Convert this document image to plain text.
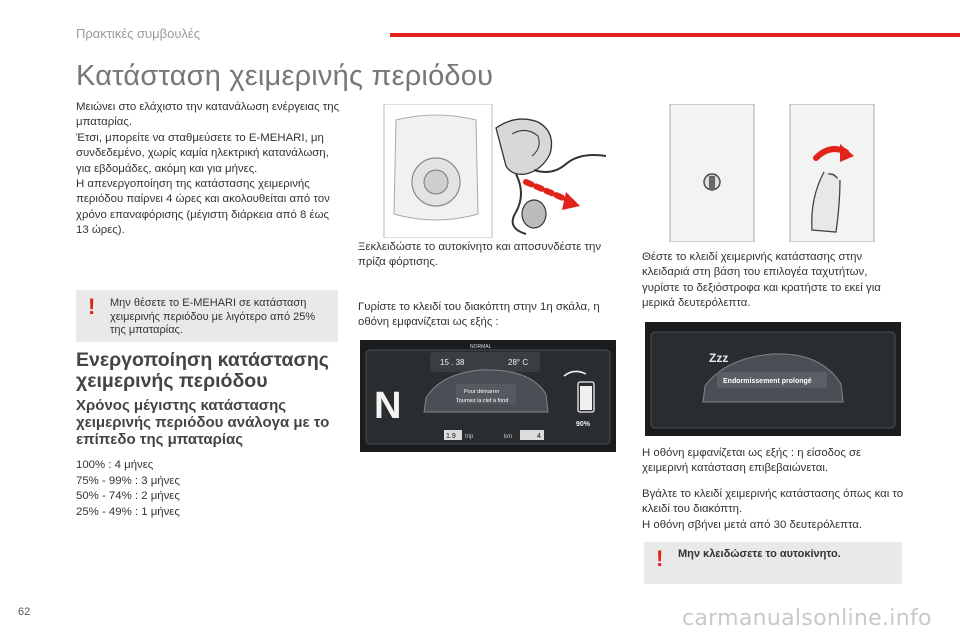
Πρακτικές συμβουλές
Κατάσταση χειμερινής περιόδου

Μειώνει στο ελάχιστο την κατανάλωση ενέργειας της μπαταρίας.

Έτσι, μπορείτε να σταθμεύσετε το E-MEHARI, μη συνδεδεμένο, χωρίς καμία ηλεκτρική κατανάλωση, για εβδομάδες, ακόμη και για μήνες.

Η απενεργοποίηση της κατάστασης χειμερινής περιόδου παίρνει 4 ώρες και ακολουθείται από τον χρόνο επαναφόρισης (μέγιστη διάρκεια από 8 έως 13 ώρες).

! Μην θέσετε το E-MEHARI σε κατάσταση χειμερινής περιόδου με λιγότερο από 25% της μπαταρίας.
Ενεργοποίηση κατάστασης χειμερινής περιόδου
Χρόνος μέγιστης κατάστασης χειμερινής περιόδου ανάλογα με το επίπεδο της μπαταρίας
100% : 4 μήνες
75% - 99% : 3 μήνες
50% - 74% : 2 μήνες
25% - 49% : 1 μήνες

Ξεκλειδώστε το αυτοκίνητο και αποσυνδέστε την πρίζα φόρτισης.

Γυρίστε το κλειδί του διακόπτη στην 1η σκάλα, η οθόνη εμφανίζεται ως εξής :

NORMAL
15 . 38	28° C
N	Pour démarrer
Tournez la clef à fond
90%
1.9 trip	km	4

Θέστε το κλειδί χειμερινής κατάστασης στην κλειδαριά στη βάση του επιλογέα ταχυτήτων, γυρίστε το δεξιόστροφα και κρατήστε το εκεί για μερικά δευτερόλεπτα.

Zzz
Endormissement prolongé

Η οθόνη εμφανίζεται ως εξής : η είσοδος σε χειμερινή κατάσταση επιβεβαιώνεται.

Βγάλτε το κλειδί χειμερινής κατάστασης όπως και το κλειδί του διακόπτη.

Η οθόνη σβήνει μετά από 30 δευτερόλεπτα.

! Μην κλειδώσετε το αυτοκίνητο.
62	carmanualsonline.info
